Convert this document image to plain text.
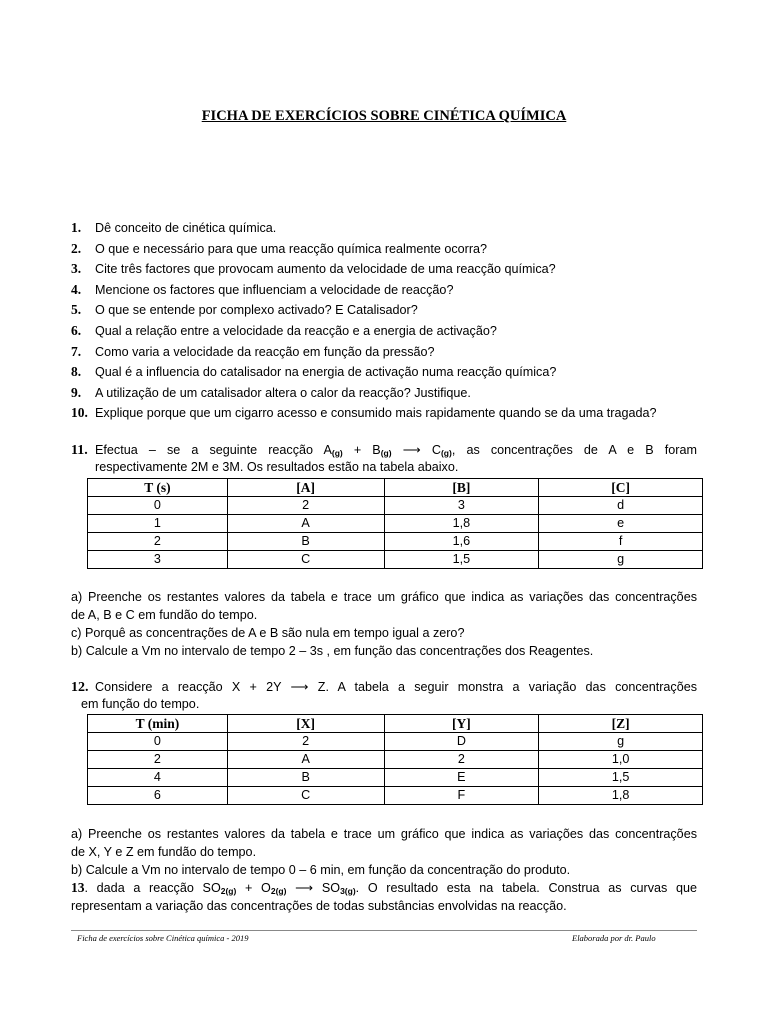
FICHA DE EXERCÍCIOS SOBRE CINÉTICA QUÍMICA
1.	Dê conceito de cinética química.
2.	O que e necessário para que uma reacção química realmente ocorra?
3.	Cite três factores que provocam aumento da velocidade de uma reacção química?
4.	Mencione os factores que influenciam a velocidade de reacção?
5.	O que se entende por complexo activado? E Catalisador?
6.	Qual a relação entre a velocidade da reacção e a energia de activação?
7.	Como varia a velocidade da reacção em função da pressão?
8.	Qual é a influencia do catalisador na energia de activação numa reacção química?
9.	A utilização de um catalisador altera o calor da reacção? Justifique.
10. Explique porque que um cigarro acesso e consumido mais rapidamente quando se da uma tragada?
11. Efectua – se a seguinte reacção $A_{(g)} + B_{(g)}$ ⟶ $C_{(g)}$, as concentrações de A e B foram
respectivamente 2M e 3M. Os resultados estão na tabela abaixo.
T (s)	[A]	[B]	[C]
0	2	3	d
1	A	1,8	e
2	B	1,6	f
3	C	1,5	g
a) Preenche os restantes valores da tabela e trace um gráfico que indica as variações das concentrações
de A, B e C em fundão do tempo.
c) Porquê as concentrações de A e B são nula em tempo igual a zero?
b) Calcule a Vm no intervalo de tempo 2 – 3s , em função das concentrações dos Reagentes.
12. Considere a reacção X + 2Y ⟶ Z. A tabela a seguir monstra a variação das concentrações
em função do tempo.
T (min)	[X]	[Y]	[Z]
0	2	D	g
2	A	2	1,0
4	B	E	1,5
6	C	F	1,8
a) Preenche os restantes valores da tabela e trace um gráfico que indica as variações das concentrações
de X, Y e Z em fundão do tempo.
b) Calcule a Vm no intervalo de tempo 0 – 6 min, em função da concentração do produto.
13. dada a reacção $SO_{2(g)} + O_{2(g)}$ ⟶ $SO_{3(g)}$. O resultado esta na tabela. Construa as curvas que
representam a variação das concentrações de todas substâncias envolvidas na reacção.
Ficha de exercícios sobre Cinética química - 2019	Elaborada por dr. Paulo
